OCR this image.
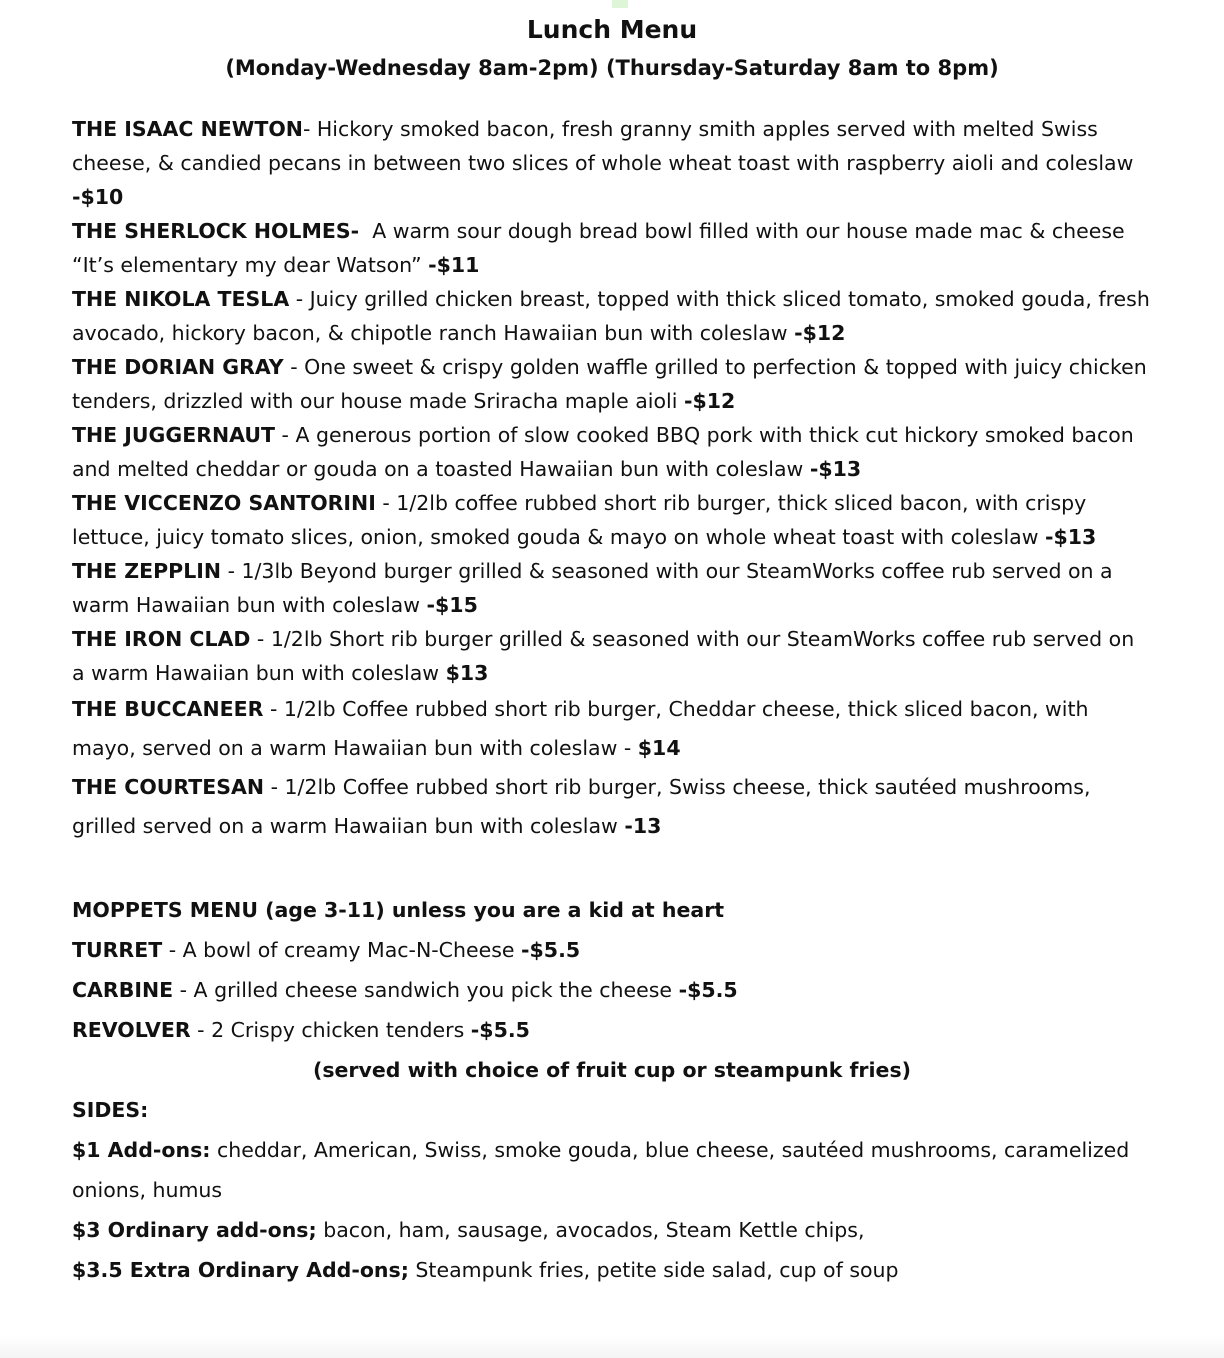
Lunch Menu
(Monday-Wednesday 8am-2pm) (Thursday-Saturday 8am to 8pm)

THE ISAAC NEWTON- Hickory smoked bacon, fresh granny smith apples served with melted Swiss cheese, & candied pecans in between two slices of whole wheat toast with raspberry aioli and coleslaw -$10

THE SHERLOCK HOLMES- A warm sour dough bread bowl filled with our house made mac & cheese “It’s elementary my dear Watson” -$11

THE NIKOLA TESLA - Juicy grilled chicken breast, topped with thick sliced tomato, smoked gouda, fresh avocado, hickory bacon, & chipotle ranch Hawaiian bun with coleslaw -$12

THE DORIAN GRAY - One sweet & crispy golden waffle grilled to perfection & topped with juicy chicken tenders, drizzled with our house made Sriracha maple aioli -$12

THE JUGGERNAUT - A generous portion of slow cooked BBQ pork with thick cut hickory smoked bacon and melted cheddar or gouda on a toasted Hawaiian bun with coleslaw -$13

THE VICCENZO SANTORINI - 1/2lb coffee rubbed short rib burger, thick sliced bacon, with crispy lettuce, juicy tomato slices, onion, smoked gouda & mayo on whole wheat toast with coleslaw -$13

THE ZEPPLIN - 1/3lb Beyond burger grilled & seasoned with our SteamWorks coffee rub served on a warm Hawaiian bun with coleslaw -$15

THE IRON CLAD - 1/2lb Short rib burger grilled & seasoned with our SteamWorks coffee rub served on a warm Hawaiian bun with coleslaw $13

THE BUCCANEER - 1/2lb Coffee rubbed short rib burger, Cheddar cheese, thick sliced bacon, with mayo, served on a warm Hawaiian bun with coleslaw - $14

THE COURTESAN - 1/2lb Coffee rubbed short rib burger, Swiss cheese, thick sautéed mushrooms, grilled served on a warm Hawaiian bun with coleslaw -13

MOPPETS MENU (age 3-11) unless you are a kid at heart

TURRET - A bowl of creamy Mac-N-Cheese -$5.5

CARBINE - A grilled cheese sandwich you pick the cheese -$5.5

REVOLVER - 2 Crispy chicken tenders -$5.5

(served with choice of fruit cup or steampunk fries)

SIDES:

$1 Add-ons: cheddar, American, Swiss, smoke gouda, blue cheese, sautéed mushrooms, caramelized onions, humus

$3 Ordinary add-ons; bacon, ham, sausage, avocados, Steam Kettle chips,

$3.5 Extra Ordinary Add-ons; Steampunk fries, petite side salad, cup of soup
